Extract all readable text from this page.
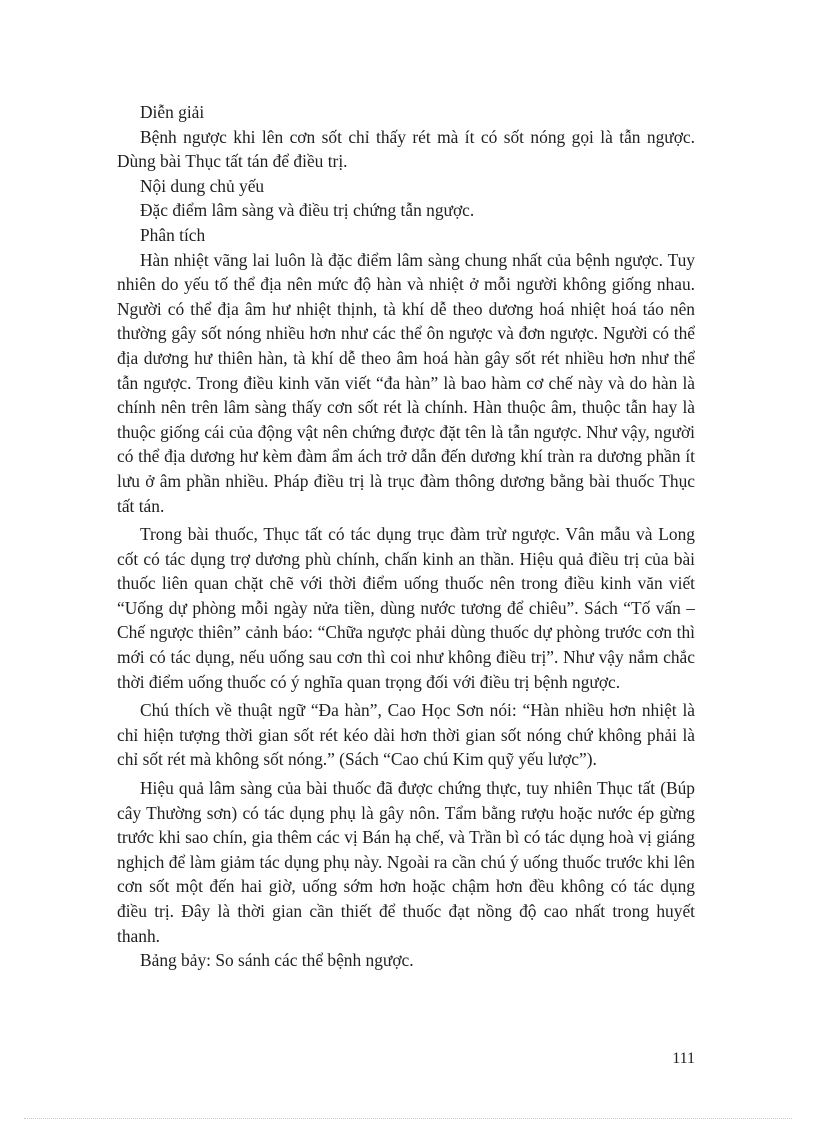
Diễn giải

Bệnh ngược khi lên cơn sốt chỉ thấy rét mà ít có sốt nóng gọi là tẫn ngược. Dùng bài Thục tất tán để điều trị.

Nội dung chủ yếu

Đặc điểm lâm sàng và điều trị chứng tẫn ngược.

Phân tích

Hàn nhiệt vãng lai luôn là đặc điểm lâm sàng chung nhất của bệnh ngược. Tuy nhiên do yếu tố thể địa nên mức độ hàn và nhiệt ở mỗi người không giống nhau. Người có thể địa âm hư nhiệt thịnh, tà khí dễ theo dương hoá nhiệt hoá táo nên thường gây sốt nóng nhiều hơn như các thể ôn ngược và đơn ngược. Người có thể địa dương hư thiên hàn, tà khí dễ theo âm hoá hàn gây sốt rét nhiều hơn như thể tẫn ngược. Trong điều kinh văn viết “đa hàn” là bao hàm cơ chế này và do hàn là chính nên trên lâm sàng thấy cơn sốt rét là chính. Hàn thuộc âm, thuộc tẫn hay là thuộc giống cái của động vật nên chứng được đặt tên là tẫn ngược. Như vậy, người có thể địa dương hư kèm đàm ẩm ách trở dẫn đến dương khí tràn ra dương phần ít lưu ở âm phần nhiều. Pháp điều trị là trục đàm thông dương bằng bài thuốc Thục tất tán.

Trong bài thuốc, Thục tất có tác dụng trục đàm trừ ngược. Vân mẫu và Long cốt có tác dụng trợ dương phù chính, chấn kinh an thần. Hiệu quả điều trị của bài thuốc liên quan chặt chẽ với thời điểm uống thuốc nên trong điều kinh văn viết “Uống dự phòng mỗi ngày nửa tiền, dùng nước tương để chiêu”. Sách “Tố vấn – Chế ngược thiên” cảnh báo: “Chữa ngược phải dùng thuốc dự phòng trước cơn thì mới có tác dụng, nếu uống sau cơn thì coi như không điều trị”. Như vậy nắm chắc thời điểm uống thuốc có ý nghĩa quan trọng đối với điều trị bệnh ngược.

Chú thích về thuật ngữ “Đa hàn”, Cao Học Sơn nói: “Hàn nhiều hơn nhiệt là chỉ hiện tượng thời gian sốt rét kéo dài hơn thời gian sốt nóng chứ không phải là chỉ sốt rét mà không sốt nóng.” (Sách “Cao chú Kim quỹ yếu lược”).

Hiệu quả lâm sàng của bài thuốc đã được chứng thực, tuy nhiên Thục tất (Búp cây Thường sơn) có tác dụng phụ là gây nôn. Tẩm bằng rượu hoặc nước ép gừng trước khi sao chín, gia thêm các vị Bán hạ chế, và Trần bì có tác dụng hoà vị giáng nghịch để làm giảm tác dụng phụ này. Ngoài ra cần chú ý uống thuốc trước khi lên cơn sốt một đến hai giờ, uống sớm hơn hoặc chậm hơn đều không có tác dụng điều trị. Đây là thời gian cần thiết để thuốc đạt nồng độ cao nhất trong huyết thanh.

Bảng bảy: So sánh các thể bệnh ngược.

111
